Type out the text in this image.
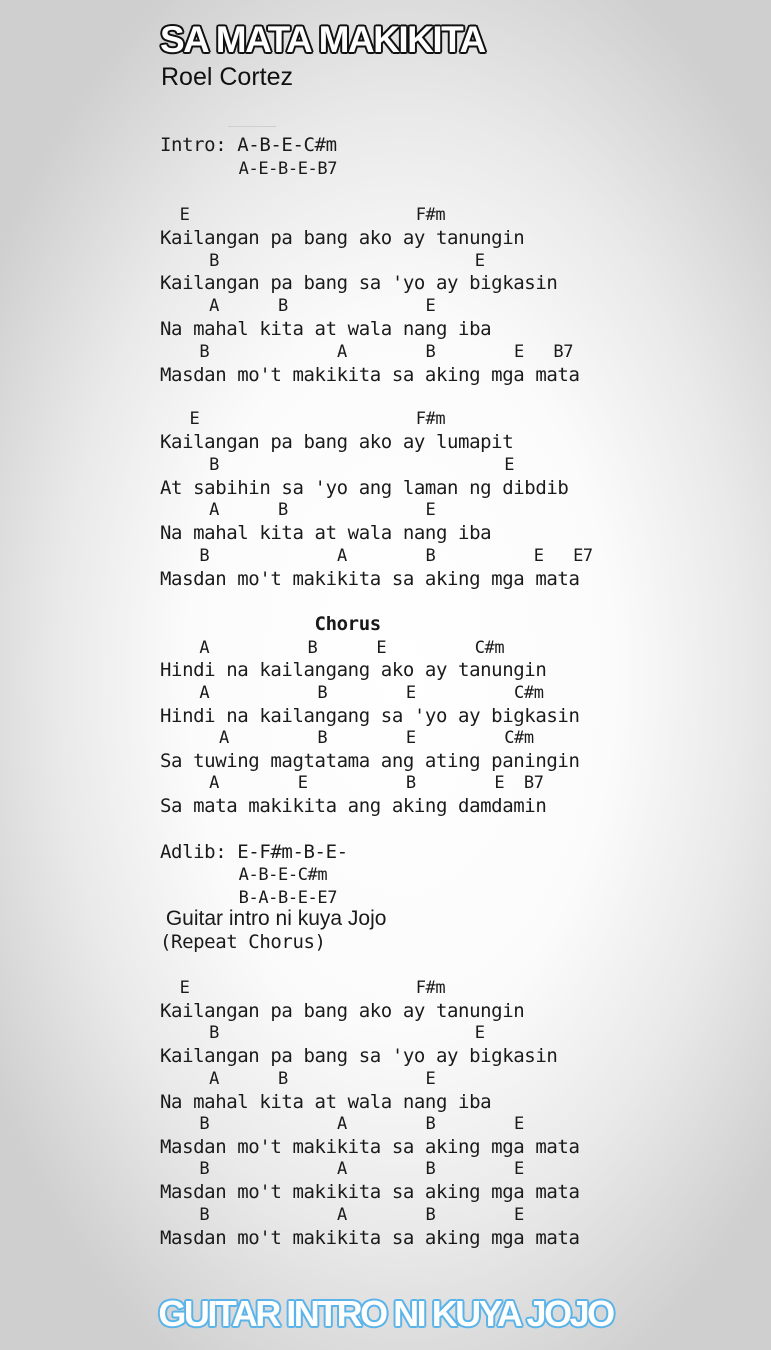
SA MATA MAKIKITA
Roel Cortez
Intro: A-B-E-C#m
A-E-B-E-B7
E                       F#m
Kailangan pa bang ako ay tanungin
B                          E
Kailangan pa bang sa 'yo ay bigkasin
A      B              E
Na mahal kita at wala nang iba
B             A        B        E   B7
Masdan mo't makikita sa aking mga mata
E                      F#m
Kailangan pa bang ako ay lumapit
B                             E
At sabihin sa 'yo ang laman ng dibdib
A      B              E
Na mahal kita at wala nang iba
B             A        B          E   E7
Masdan mo't makikita sa aking mga mata
Chorus
A          B      E         C#m
Hindi na kailangang ako ay tanungin
A           B        E          C#m
Hindi na kailangang sa 'yo ay bigkasin
A         B        E         C#m
Sa tuwing magtatama ang ating paningin
A        E          B        E  B7
Sa mata makikita ang aking damdamin
Adlib: E-F#m-B-E-
A-B-E-C#m
B-A-B-E-E7
Guitar intro ni kuya Jojo
(Repeat Chorus)
E                       F#m
Kailangan pa bang ako ay tanungin
B                          E
Kailangan pa bang sa 'yo ay bigkasin
A      B              E
Na mahal kita at wala nang iba
B             A        B        E
Masdan mo't makikita sa aking mga mata
B             A        B        E
Masdan mo't makikita sa aking mga mata
B             A        B        E
Masdan mo't makikita sa aking mga mata
GUITAR INTRO NI KUYA JOJO
